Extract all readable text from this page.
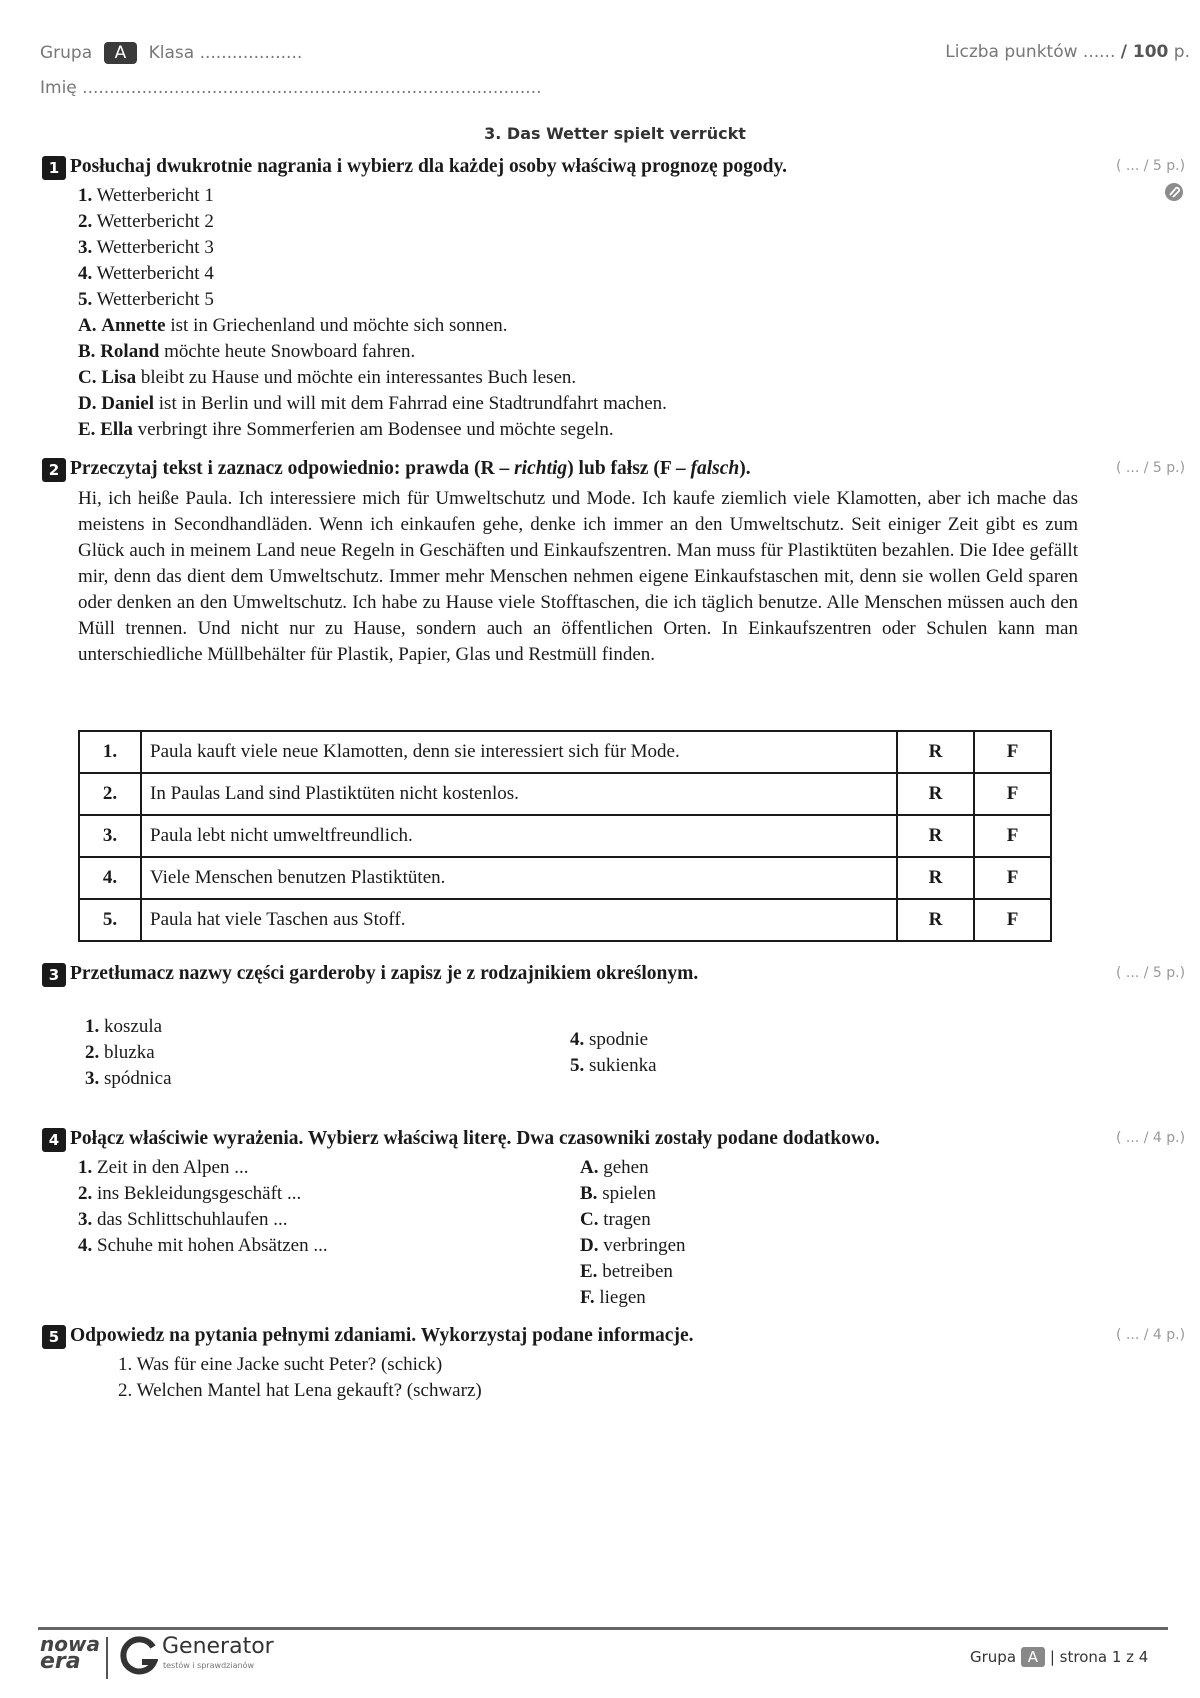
Grupa A Klasa ...................	Liczba punktów ...... / 100 p.
Imię .....................................................................................
3. Das Wetter spielt verrückt
1 Posłuchaj dwukrotnie nagrania i wybierz dla każdej osoby właściwą prognozę pogody.	( ... / 5 p.)
1. Wetterbericht 1
2. Wetterbericht 2
3. Wetterbericht 3
4. Wetterbericht 4
5. Wetterbericht 5
A. Annette ist in Griechenland und möchte sich sonnen.
B. Roland möchte heute Snowboard fahren.
C. Lisa bleibt zu Hause und möchte ein interessantes Buch lesen.
D. Daniel ist in Berlin und will mit dem Fahrrad eine Stadtrundfahrt machen.
E. Ella verbringt ihre Sommerferien am Bodensee und möchte segeln.
2 Przeczytaj tekst i zaznacz odpowiednio: prawda (R – richtig) lub fałsz (F – falsch).	( ... / 5 p.)
Hi, ich heiße Paula. Ich interessiere mich für Umweltschutz und Mode. Ich kaufe ziemlich viele Klamotten, aber ich mache das meistens in Secondhandläden. Wenn ich einkaufen gehe, denke ich immer an den Umweltschutz. Seit einiger Zeit gibt es zum Glück auch in meinem Land neue Regeln in Geschäften und Einkaufszentren. Man muss für Plastiktüten bezahlen. Die Idee gefällt mir, denn das dient dem Umweltschutz. Immer mehr Menschen nehmen eigene Einkaufstaschen mit, denn sie wollen Geld sparen oder denken an den Umweltschutz. Ich habe zu Hause viele Stofftaschen, die ich täglich benutze. Alle Menschen müssen auch den Müll trennen. Und nicht nur zu Hause, sondern auch an öffentlichen Orten. In Einkaufszentren oder Schulen kann man unterschiedliche Müllbehälter für Plastik, Papier, Glas und Restmüll finden.
1.	Paula kauft viele neue Klamotten, denn sie interessiert sich für Mode.	R	F
2.	In Paulas Land sind Plastiktüten nicht kostenlos.	R	F
3.	Paula lebt nicht umweltfreundlich.	R	F
4.	Viele Menschen benutzen Plastiktüten.	R	F
5.	Paula hat viele Taschen aus Stoff.	R	F
3 Przetłumacz nazwy części garderoby i zapisz je z rodzajnikiem określonym.	( ... / 5 p.)
1. koszula
2. bluzka
3. spódnica
4. spodnie
5. sukienka
4 Połącz właściwie wyrażenia. Wybierz właściwą literę. Dwa czasowniki zostały podane dodatkowo.	( ... / 4 p.)
1. Zeit in den Alpen ...
2. ins Bekleidungsgeschäft ...
3. das Schlittschuhlaufen ...
4. Schuhe mit hohen Absätzen ...
A. gehen
B. spielen
C. tragen
D. verbringen
E. betreiben
F. liegen
5 Odpowiedz na pytania pełnymi zdaniami. Wykorzystaj podane informacje.	( ... / 4 p.)
1. Was für eine Jacke sucht Peter? (schick)
2. Welchen Mantel hat Lena gekauft? (schwarz)
nowa
era
Generator
testów i sprawdzianów	Grupa A | strona 1 z 4
